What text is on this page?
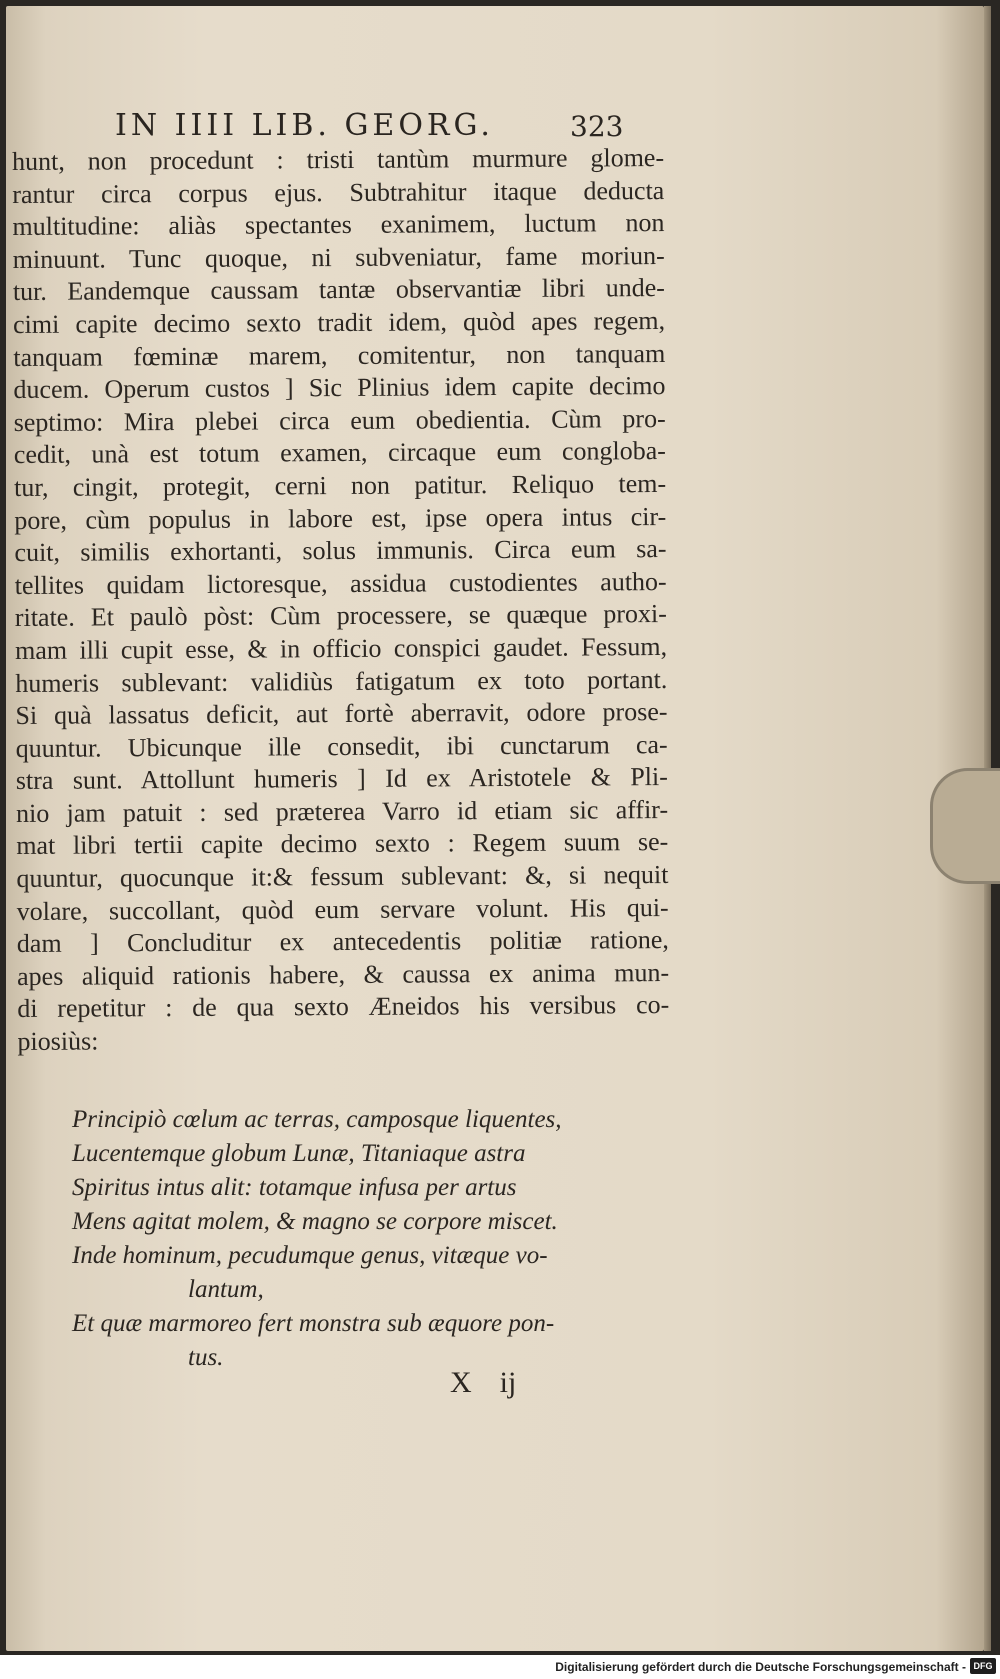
IN IIII LIB. GEORG.	323
hunt, non procedunt : tristi tantùm murmure glome-
rantur circa corpus ejus. Subtrahitur itaque deducta
multitudine: aliàs spectantes exanimem, luctum non
minuunt. Tunc quoque, ni subveniatur, fame moriun-
tur. Eandemque caussam tantæ observantiæ libri unde-
cimi capite decimo sexto tradit idem, quòd apes regem,
tanquam fœminæ marem, comitentur, non tanquam
ducem. Operum custos ] Sic Plinius idem capite decimo
septimo: Mira plebei circa eum obedientia. Cùm pro-
cedit, unà est totum examen, circaque eum congloba-
tur, cingit, protegit, cerni non patitur. Reliquo tem-
pore, cùm populus in labore est, ipse opera intus cir-
cuit, similis exhortanti, solus immunis. Circa eum sa-
tellites quidam lictoresque, assidua custodientes autho-
ritate. Et paulò pòst: Cùm processere, se quæque proxi-
mam illi cupit esse, & in officio conspici gaudet. Fessum,
humeris sublevant: validiùs fatigatum ex toto portant.
Si quà lassatus deficit, aut fortè aberravit, odore prose-
quuntur. Ubicunque ille consedit, ibi cunctarum ca-
stra sunt. Attollunt humeris ] Id ex Aristotele & Pli-
nio jam patuit : sed præterea Varro id etiam sic affir-
mat libri tertii capite decimo sexto : Regem suum se-
quuntur, quocunque it:& fessum sublevant: &, si nequit
volare, succollant, quòd eum servare volunt. His qui-
dam ] Concluditur ex antecedentis politiæ ratione,
apes aliquid rationis habere, & caussa ex anima mun-
di repetitur : de qua sexto Æneidos his versibus co-
piosiùs:
Principiò cœlum ac terras, camposque liquentes,
Lucentemque globum Lunæ, Titaniaque astra
Spiritus intus alit: totamque infusa per artus
Mens agitat molem, & magno se corpore miscet.
Inde hominum, pecudumque genus, vitæque vo-
lantum,
Et quæ marmoreo fert monstra sub æquore pon-
tus.
X ij
Digitalisierung gefördert durch die Deutsche Forschungsgemeinschaft - DFG
